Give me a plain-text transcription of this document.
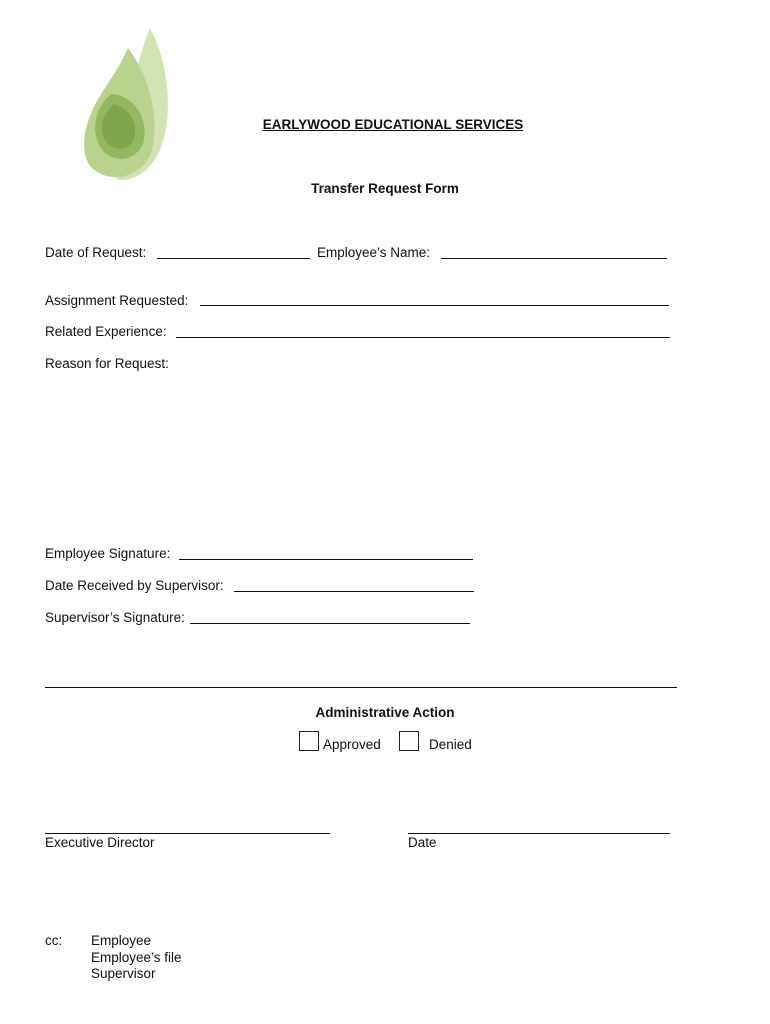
EARLYWOOD EDUCATIONAL SERVICES
Transfer Request Form
Date of Request:	Employee’s Name:
Assignment Requested:
Related Experience:
Reason for Request:
Employee Signature:
Date Received by Supervisor:
Supervisor’s Signature:
Administrative Action
Approved	Denied
Executive Director	Date
cc: Employee
Employee’s file
Supervisor
